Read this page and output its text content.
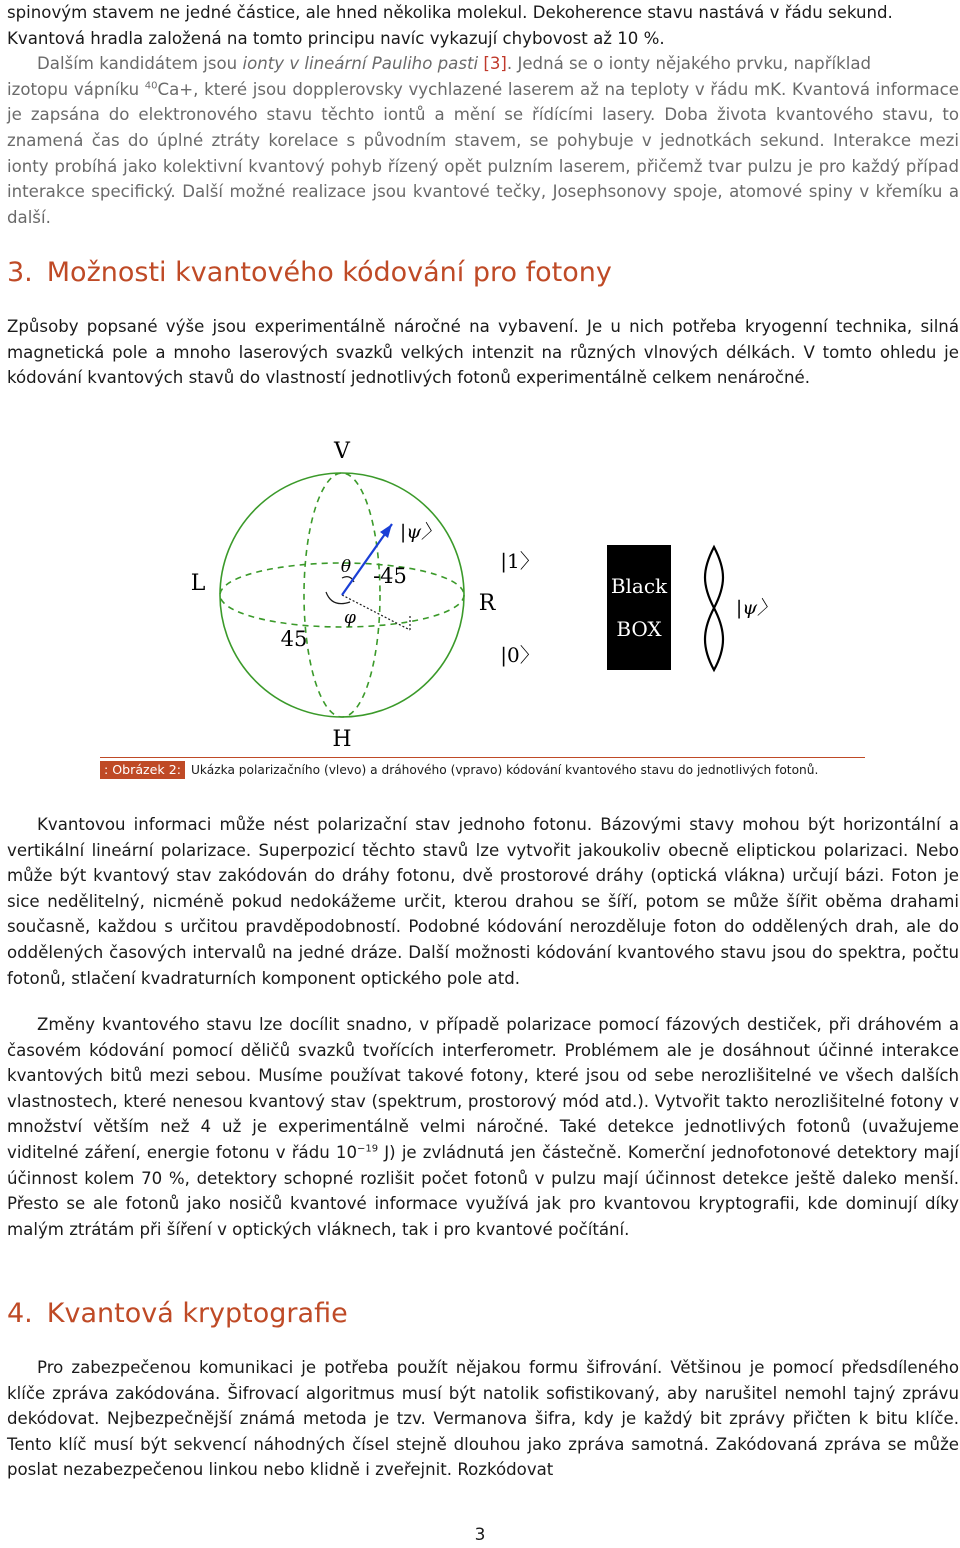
spinovým stavem ne jedné částice, ale hned několika molekul. Dekoherence stavu nastává v řádu sekund.
Kvantová hradla založená na tomto principu navíc vykazují chybovost až 10 %.
Dalším kandidátem jsou ionty v lineární Pauliho pasti [3]. Jedná se o ionty nějakého prvku, například
izotopu vápníku $^{40}$Ca+, které jsou dopplerovsky vychlazené laserem až na teploty v řádu mK. Kvantová informace je zapsána do elektronového stavu těchto iontů a mění se řídícími lasery. Doba života kvantového stavu, to znamená čas do úplné ztráty korelace s původním stavem, se pohybuje v jednotkách sekund. Interakce mezi ionty probíhá jako kolektivní kvantový pohyb řízený opět pulzním laserem, přičemž tvar pulzu je pro každý případ interakce specifický. Další možné realizace jsou kvantové tečky, Josephsonovy spoje, atomové spiny v křemíku a další.
3. Možnosti kvantového kódování pro fotony

Způsoby popsané výše jsou experimentálně náročné na vybavení. Je u nich potřeba kryogenní technika, silná magnetická pole a mnoho laserových svazků velkých intenzit na různých vlnových délkách. V tomto ohledu je kódování kvantových stavů do vlastností jednotlivých fotonů experimentálně celkem nenáročné.

V
L
H
45
-45
θ
φ
|ψ〉
R
|1〉
|0〉
Black
BOX
|ψ〉
: Obrázek 2: Ukázka polarizačního (vlevo) a dráhového (vpravo) kódování kvantového stavu do jednotlivých fotonů.

Kvantovou informaci může nést polarizační stav jednoho fotonu. Bázovými stavy mohou být horizontální a vertikální lineární polarizace. Superpozicí těchto stavů lze vytvořit jakoukoliv obecně eliptickou polarizaci. Nebo může být kvantový stav zakódován do dráhy fotonu, dvě prostorové dráhy (optická vlákna) určují bázi. Foton je sice nedělitelný, nicméně pokud nedokážeme určit, kterou drahou se šíří, potom se může šířit oběma drahami současně, každou s určitou pravděpodobností. Podobné kódování nerozděluje foton do oddělených drah, ale do oddělených časových intervalů na jedné dráze. Další možnosti kódování kvantového stavu jsou do spektra, počtu fotonů, stlačení kvadraturních komponent optického pole atd.

Změny kvantového stavu lze docílit snadno, v případě polarizace pomocí fázových destiček, při dráhovém a časovém kódování pomocí děličů svazků tvořících interferometr. Problémem ale je dosáhnout účinné interakce kvantových bitů mezi sebou. Musíme používat takové fotony, které jsou od sebe nerozlišitelné ve všech dalších vlastnostech, které nenesou kvantový stav (spektrum, prostorový mód atd.). Vytvořit takto nerozlišitelné fotony v množství větším než 4 už je experimentálně velmi náročné. Také detekce jednotlivých fotonů (uvažujeme viditelné záření, energie fotonu v řádu $10^{-19}$ J) je zvládnutá jen částečně. Komerční jednofotonové detektory mají účinnost kolem 70 %, detektory schopné rozlišit počet fotonů v pulzu mají účinnost detekce ještě daleko menší. Přesto se ale fotonů jako nosičů kvantové informace využívá jak pro kvantovou kryptografii, kde dominují díky malým ztrátám při šíření v optických vláknech, tak i pro kvantové počítání.

4. Kvantová kryptografie

Pro zabezpečenou komunikaci je potřeba použít nějakou formu šifrování. Většinou je pomocí předsdíleného klíče zpráva zakódována. Šifrovací algoritmus musí být natolik sofistikovaný, aby narušitel nemohl tajný zprávu dekódovat. Nejbezpečnější známá metoda je tzv. Vermanova šifra, kdy je každý bit zprávy přičten k bitu klíče. Tento klíč musí být sekvencí náhodných čísel stejně dlouhou jako zpráva samotná. Zakódovaná zpráva se může poslat nezabezpečenou linkou nebo klidně i zveřejnit. Rozkódovat

3
